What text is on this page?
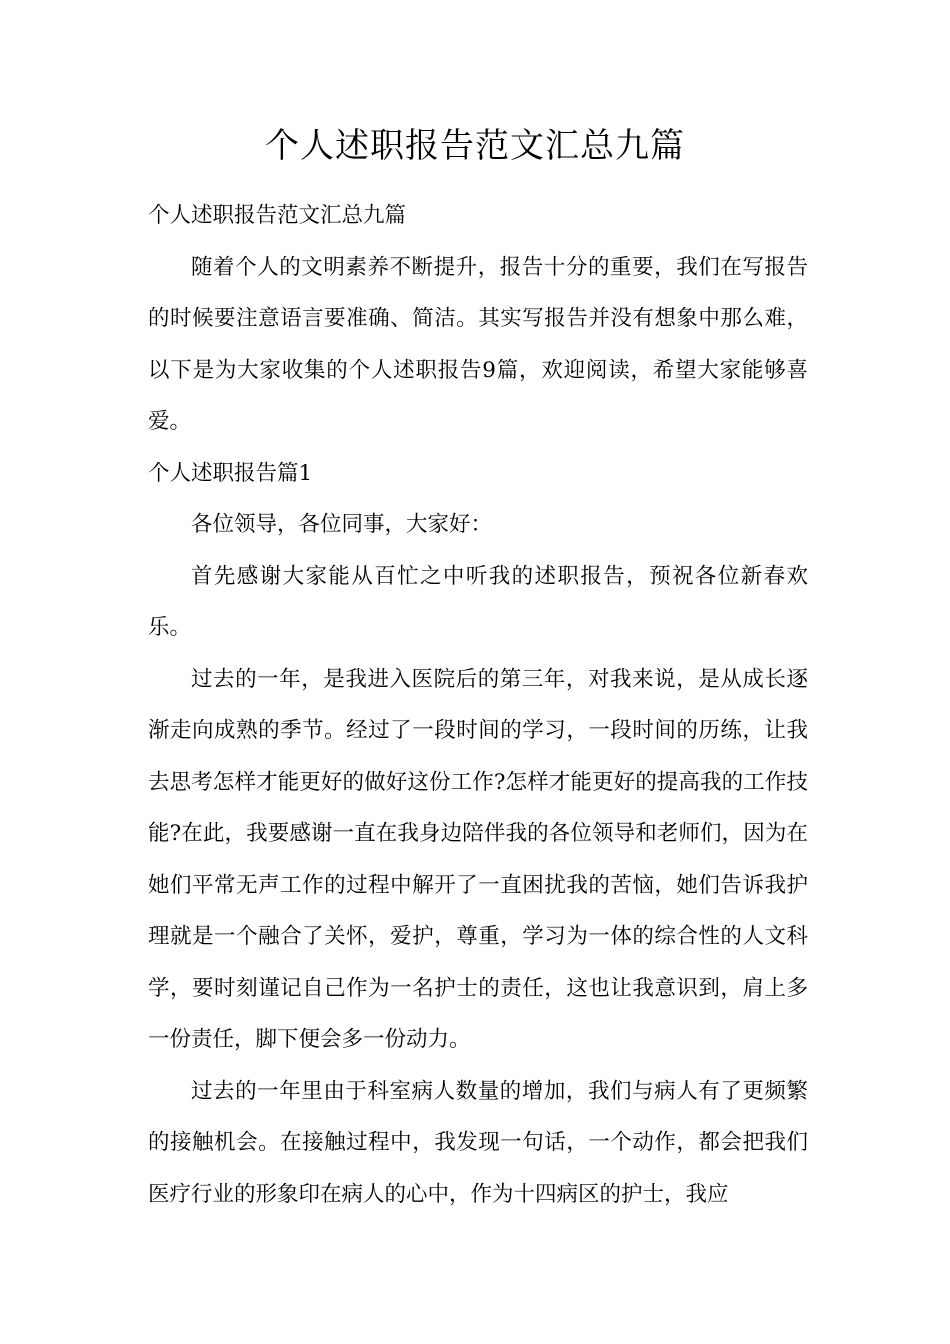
个人述职报告范文汇总九篇

个人述职报告范文汇总九篇

随着个人的文明素养不断提升，报告十分的重要，我们在写报告的时候要注意语言要准确、简洁。其实写报告并没有想象中那么难，以下是为大家收集的个人述职报告9篇，欢迎阅读，希望大家能够喜爱。

个人述职报告篇1

各位领导，各位同事，大家好：

首先感谢大家能从百忙之中听我的述职报告，预祝各位新春欢乐。

过去的一年，是我进入医院后的第三年，对我来说，是从成长逐渐走向成熟的季节。经过了一段时间的学习，一段时间的历练，让我去思考怎样才能更好的做好这份工作?怎样才能更好的提高我的工作技能?在此，我要感谢一直在我身边陪伴我的各位领导和老师们，因为在她们平常无声工作的过程中解开了一直困扰我的苦恼，她们告诉我护理就是一个融合了关怀，爱护，尊重，学习为一体的综合性的人文科学，要时刻谨记自己作为一名护士的责任，这也让我意识到，肩上多一份责任，脚下便会多一份动力。

过去的一年里由于科室病人数量的增加，我们与病人有了更频繁的接触机会。在接触过程中，我发现一句话，一个动作，都会把我们医疗行业的形象印在病人的心中，作为十四病区的护士，我应
